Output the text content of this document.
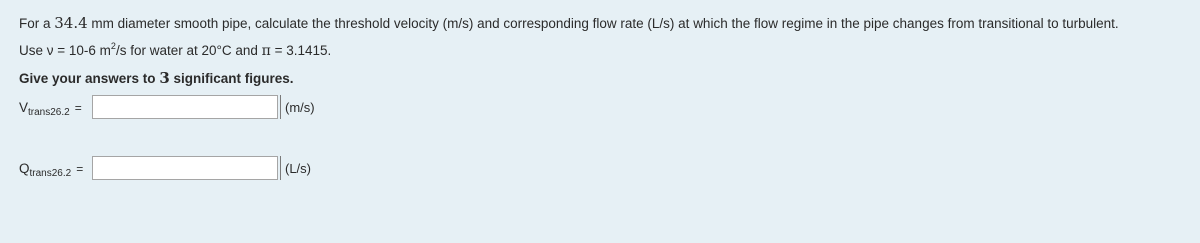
For a 34.4 mm diameter smooth pipe, calculate the threshold velocity (m/s) and corresponding flow rate (L/s) at which the flow regime in the pipe changes from transitional to turbulent.
Use ν = 10-6 $m^2/s$ for water at 20°C and π = 3.1415.
Give your answers to 3 significant figures.
V trans26.2 =	(m/s)
Q trans26.2 =	(L/s)
